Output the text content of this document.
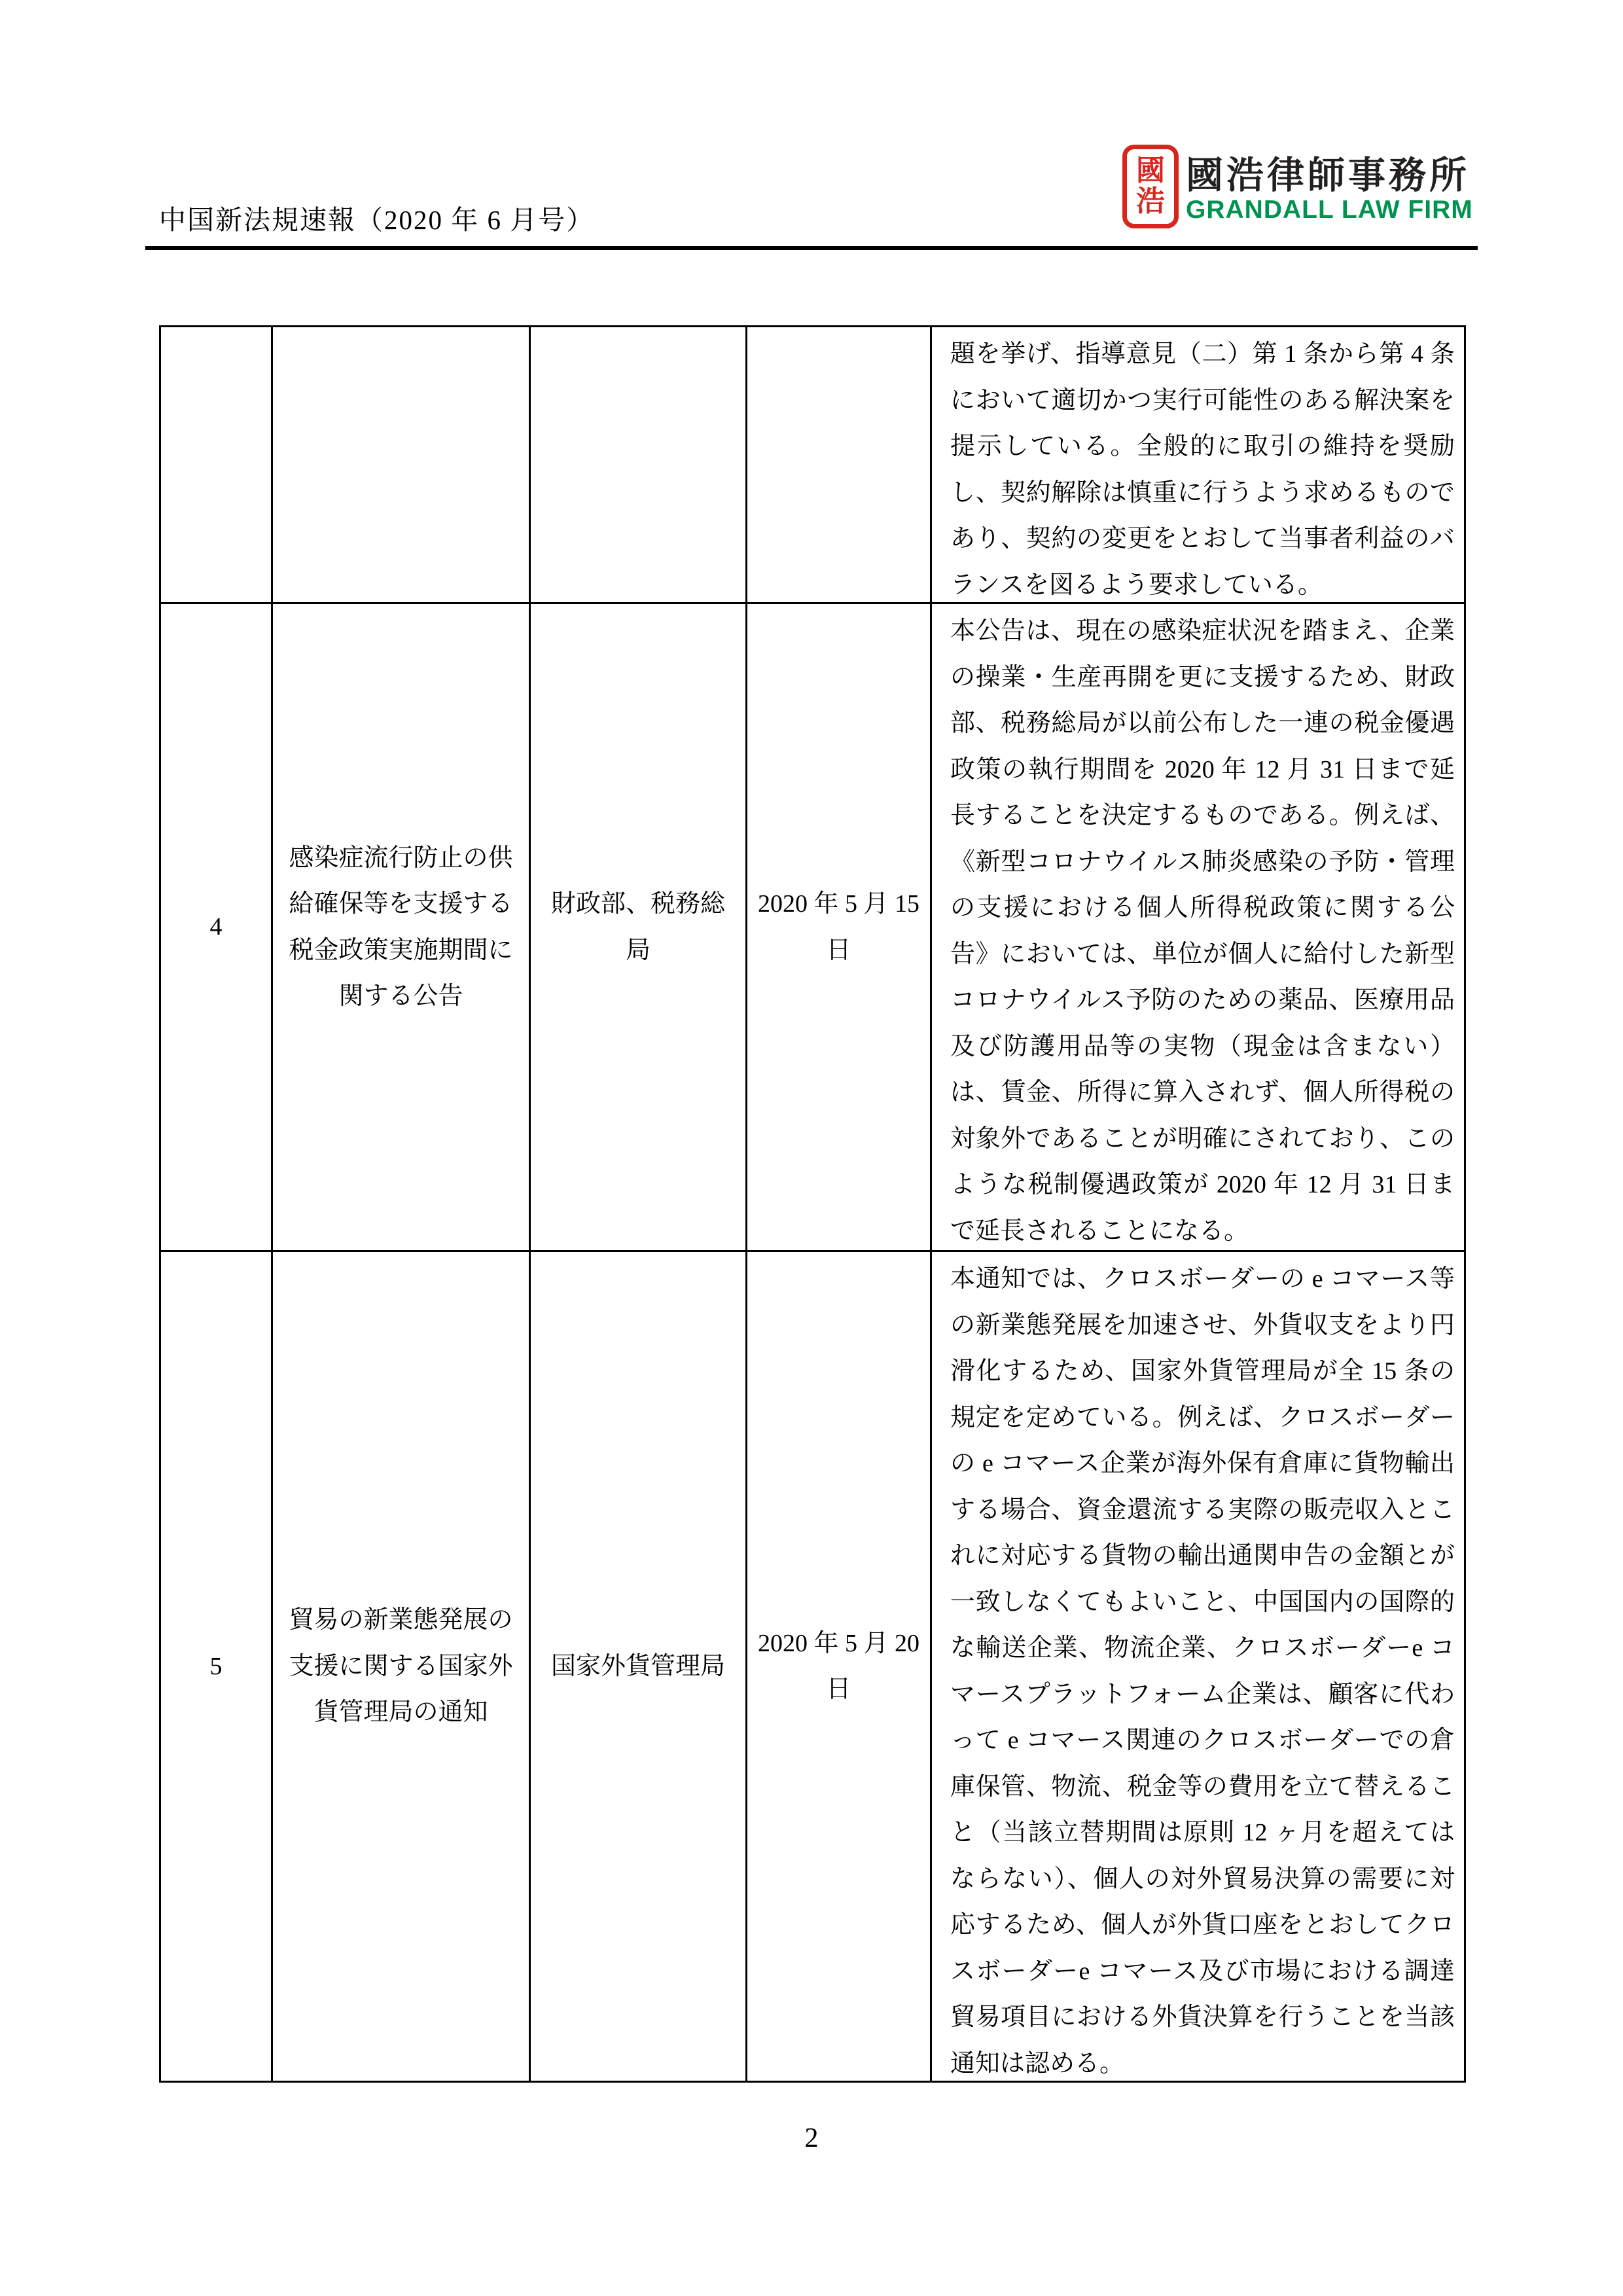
中国新法規速報（2020 年 6 月号）
國
浩
國浩律師事務所
GRANDALL LAW FIRM
題を挙げ、指導意見（二）第 1 条から第 4 条において適切かつ実行可能性のある解決案を提示している。全般的に取引の維持を奨励し、契約解除は慎重に行うよう求めるものであり、契約の変更をとおして当事者利益のバランスを図るよう要求している。
4
感染症流行防止の供給確保等を支援する税金政策実施期間に関する公告
財政部、税務総局
2020 年 5 月 15 日
本公告は、現在の感染症状況を踏まえ、企業の操業・生産再開を更に支援するため、財政部、税務総局が以前公布した一連の税金優遇政策の執行期間を 2020 年 12 月 31 日まで延長することを決定するものである。例えば、《新型コロナウイルス肺炎感染の予防・管理の支援における個人所得税政策に関する公告》においては、単位が個人に給付した新型コロナウイルス予防のための薬品、医療用品及び防護用品等の実物（現金は含まない）は、賃金、所得に算入されず、個人所得税の対象外であることが明確にされており、このような税制優遇政策が 2020 年 12 月 31 日まで延長されることになる。
5
貿易の新業態発展の支援に関する国家外貨管理局の通知
国家外貨管理局
2020 年 5 月 20 日
本通知では、クロスボーダーの e コマース等の新業態発展を加速させ、外貨収支をより円滑化するため、国家外貨管理局が全 15 条の規定を定めている。例えば、クロスボーダーの e コマース企業が海外保有倉庫に貨物輸出する場合、資金還流する実際の販売収入とこれに対応する貨物の輸出通関申告の金額とが一致しなくてもよいこと、中国国内の国際的な輸送企業、物流企業、クロスボーダーe コマースプラットフォーム企業は、顧客に代わって e コマース関連のクロスボーダーでの倉庫保管、物流、税金等の費用を立て替えること（当該立替期間は原則 12 ヶ月を超えてはならない）、個人の対外貿易決算の需要に対応するため、個人が外貨口座をとおしてクロスボーダーe コマース及び市場における調達貿易項目における外貨決算を行うことを当該通知は認める。
2
